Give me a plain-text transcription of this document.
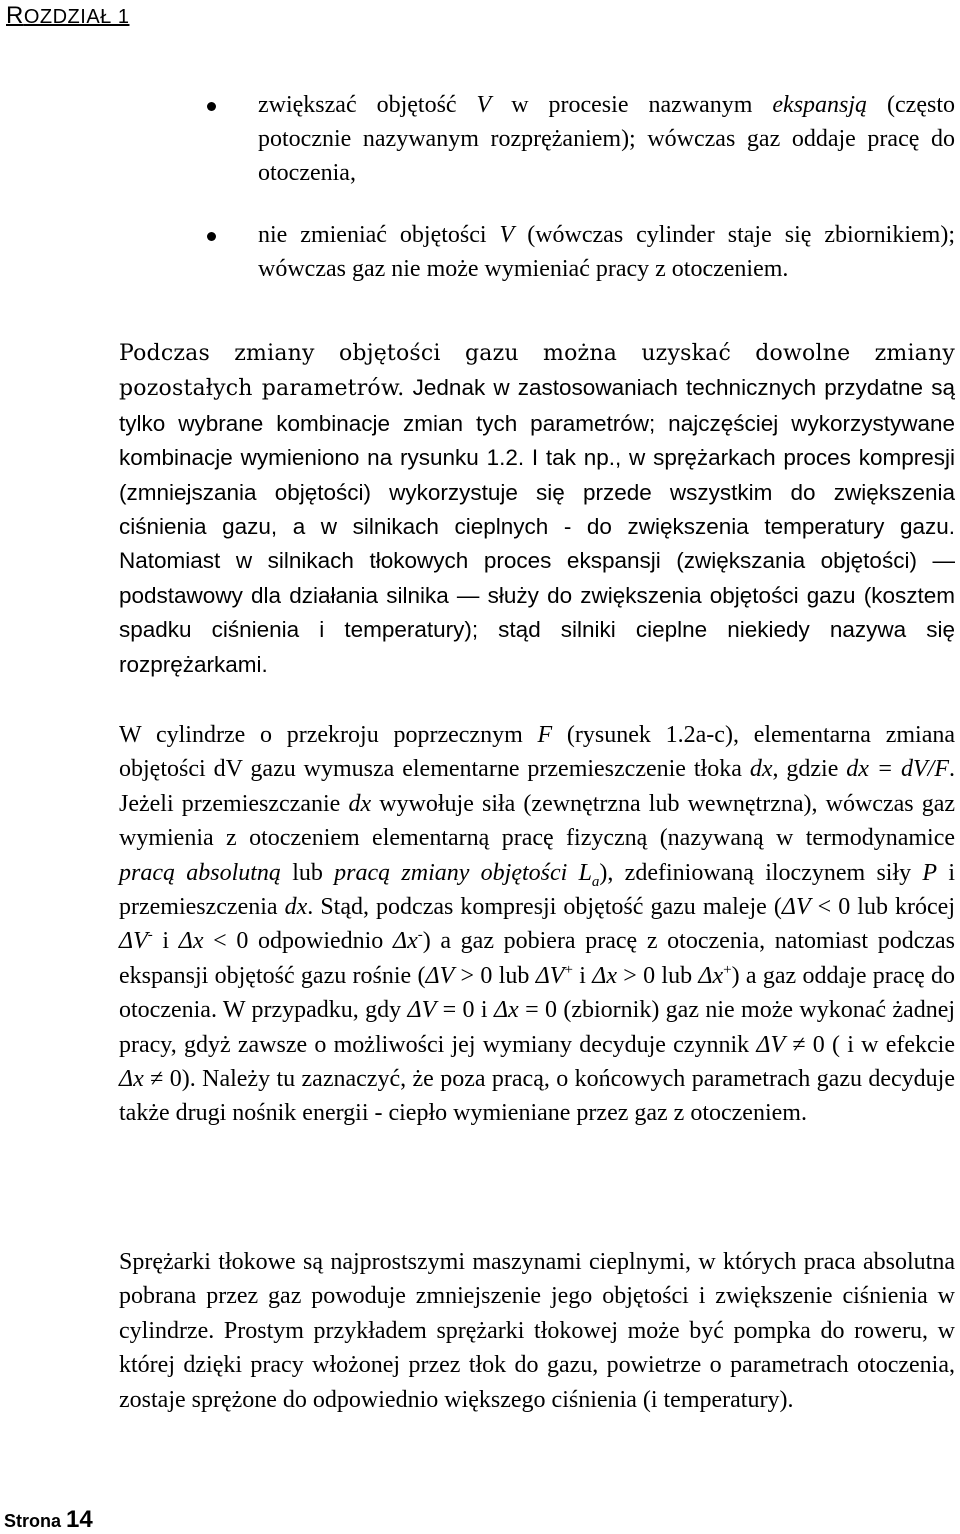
ROZDZIAŁ 1
zwiększać objętość V w procesie nazwanym ekspansją (często potocznie nazywanym rozprężaniem); wówczas gaz oddaje pracę do otoczenia,
nie zmieniać objętości V (wówczas cylinder staje się zbiornikiem); wówczas gaz nie może wymieniać pracy z otoczeniem.
Podczas zmiany objętości gazu można uzyskać dowolne zmiany pozostałych parametrów. Jednak w zastosowaniach technicznych przydatne są tylko wybrane kombinacje zmian tych parametrów; najczęściej wykorzystywane kombinacje wymieniono na rysunku 1.2. I tak np., w sprężarkach proces kompresji (zmniejszania objętości) wykorzystuje się przede wszystkim do zwiększenia ciśnienia gazu, a w silnikach cieplnych - do zwiększenia temperatury gazu. Natomiast w silnikach tłokowych proces ekspansji (zwiększania objętości) — podstawowy dla działania silnika — służy do zwiększenia objętości gazu (kosztem spadku ciśnienia i temperatury); stąd silniki cieplne niekiedy nazywa się rozprężarkami.
W cylindrze o przekroju poprzecznym F (rysunek 1.2a-c), elementarna zmiana objętości dV gazu wymusza elementarne przemieszczenie tłoka dx, gdzie dx = dV/F. Jeżeli przemieszczanie dx wywołuje siła (zewnętrzna lub wewnętrzna), wówczas gaz wymienia z otoczeniem elementarną pracę fizyczną (nazywaną w termodynamice pracą absolutną lub pracą zmiany objętości $L_a$), zdefiniowaną iloczynem siły P i przemieszczenia dx. Stąd, podczas kompresji objętość gazu maleje (ΔV < 0 lub krócej ΔV- i Δx < 0 odpowiednio Δx-) a gaz pobiera pracę z otoczenia, natomiast podczas ekspansji objętość gazu rośnie (ΔV > 0 lub ΔV+ i Δx > 0 lub Δx+) a gaz oddaje pracę do otoczenia. W przypadku, gdy ΔV = 0 i Δx = 0 (zbiornik) gaz nie może wykonać żadnej pracy, gdyż zawsze o możliwości jej wymiany decyduje czynnik ΔV ≠ 0 ( i w efekcie Δx ≠ 0). Należy tu zaznaczyć, że poza pracą, o końcowych parametrach gazu decyduje także drugi nośnik energii - ciepło wymieniane przez gaz z otoczeniem.
Sprężarki tłokowe są najprostszymi maszynami cieplnymi, w których praca absolutna pobrana przez gaz powoduje zmniejszenie jego objętości i zwiększenie ciśnienia w cylindrze. Prostym przykładem sprężarki tłokowej może być pompka do roweru, w której dzięki pracy włożonej przez tłok do gazu, powietrze o parametrach otoczenia, zostaje sprężone do odpowiednio większego ciśnienia (i temperatury).
Strona 14
